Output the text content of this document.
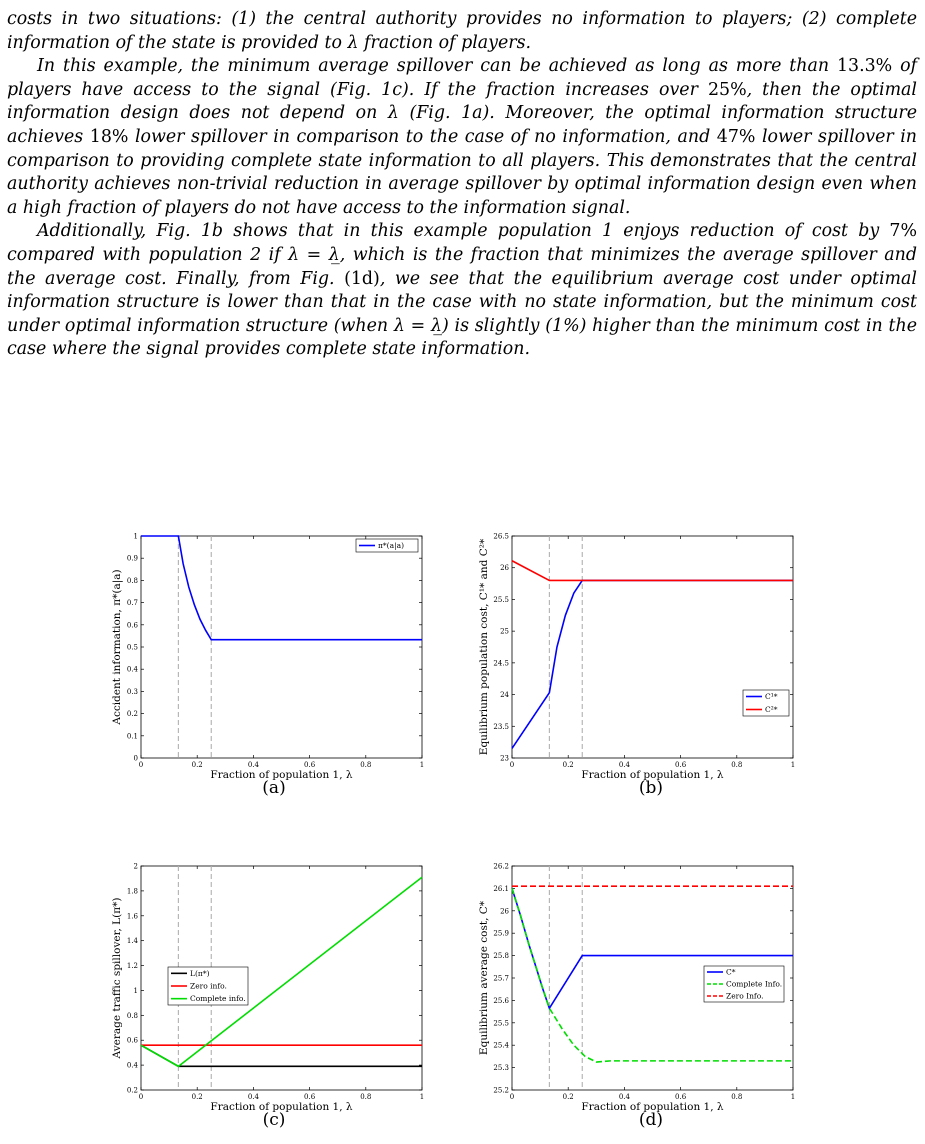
costs in two situations: (1) the central authority provides no information to players; (2) complete information of the state is provided to λ fraction of players.

In this example, the minimum average spillover can be achieved as long as more than 13.3% of players have access to the signal (Fig. 1c). If the fraction increases over 25%, then the optimal information design does not depend on λ (Fig. 1a). Moreover, the optimal information structure achieves 18% lower spillover in comparison to the case of no information, and 47% lower spillover in comparison to providing complete state information to all players. This demonstrates that the central authority achieves non-trivial reduction in average spillover by optimal information design even when a high fraction of players do not have access to the information signal.

Additionally, Fig. 1b shows that in this example population 1 enjoys reduction of cost by 7% compared with population 2 if λ = λ̲, which is the fraction that minimizes the average spillover and the average cost. Finally, from Fig. (1d), we see that the equilibrium average cost under optimal information structure is lower than that in the case with no state information, but the minimum cost under optimal information structure (when λ = λ̲) is slightly (1%) higher than the minimum cost in the case where the signal provides complete state information.

0	0.2	0.4	0.6	0.8	1
0
0.1
0.2
0.3
0.4
0.5
0.6
0.7
0.8
0.9
1
Fraction of population 1, λ
Accident information, π*(a|a)
π*(a|a)
0	0.2	0.4	0.6	0.8	1
23
23.5
24
24.5
25
25.5
26
26.5
Fraction of population 1, λ
Equilibrium population cost, C¹* and C²*	C¹*
C²*
0	0.2	0.4	0.6	0.8	1
0.2
0.4
0.6
0.8
1
1.2
1.4
1.6
1.8
2
Fraction of population 1, λ
Average traffic spillover, L(π*)	L(π*)
Zero info.
Complete info.
0	0.2	0.4	0.6	0.8	1
25.2
25.3
25.4
25.5
25.6
25.7
25.8
25.9
26
26.1
26.2
Fraction of population 1, λ
Equilibrium average cost, C*	C*
Complete Info.
Zero Info.
(a)	(b)
(c)	(d)
